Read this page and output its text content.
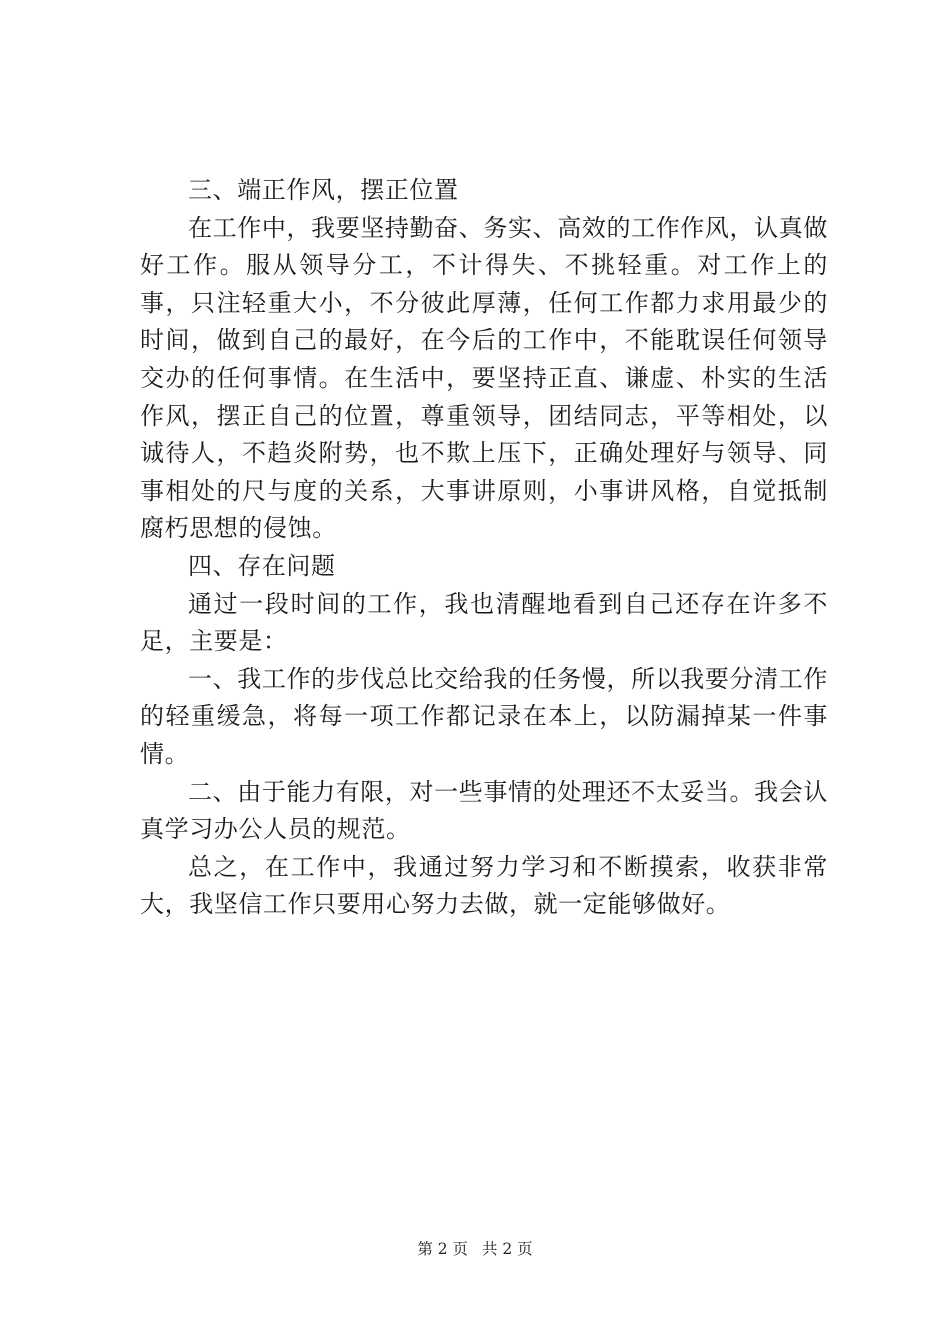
三、端正作风，摆正位置

在工作中，我要坚持勤奋、务实、高效的工作作风，认真做好工作。服从领导分工，不计得失、不挑轻重。对工作上的事，只注轻重大小，不分彼此厚薄，任何工作都力求用最少的时间，做到自己的最好，在今后的工作中，不能耽误任何领导交办的任何事情。在生活中，要坚持正直、谦虚、朴实的生活作风，摆正自己的位置，尊重领导，团结同志，平等相处，以诚待人，不趋炎附势，也不欺上压下，正确处理好与领导、同事相处的尺与度的关系，大事讲原则，小事讲风格，自觉抵制腐朽思想的侵蚀。

四、存在问题

通过一段时间的工作，我也清醒地看到自己还存在许多不足，主要是：

一、我工作的步伐总比交给我的任务慢，所以我要分清工作的轻重缓急，将每一项工作都记录在本上，以防漏掉某一件事情。

二、由于能力有限，对一些事情的处理还不太妥当。我会认真学习办公人员的规范。

总之，在工作中，我通过努力学习和不断摸索，收获非常大，我坚信工作只要用心努力去做，就一定能够做好。

第 2 页 共 2 页
